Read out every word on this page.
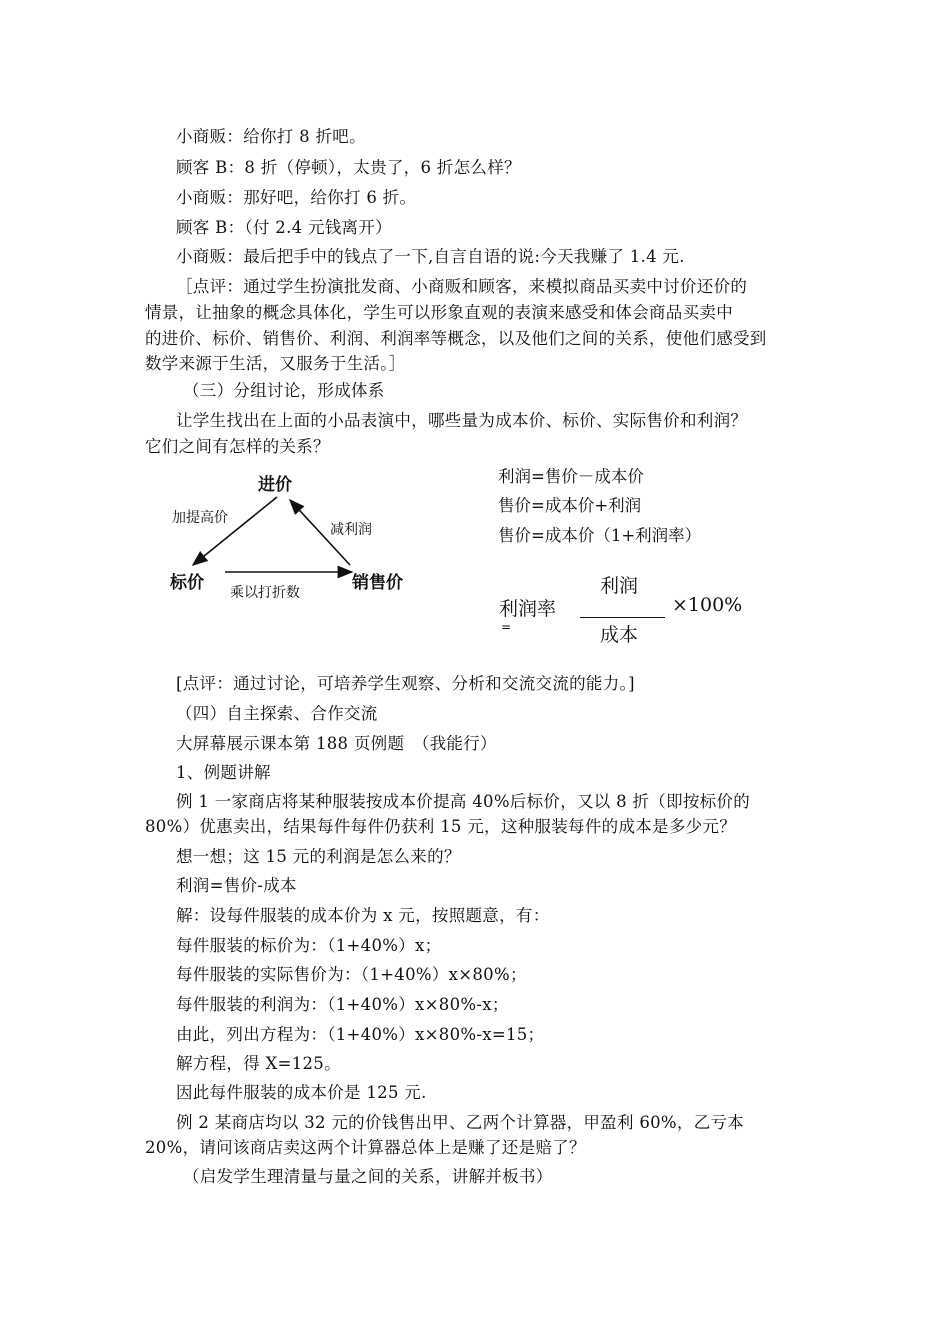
小商贩：给你打 8 折吧。
顾客 B：8 折（停顿），太贵了，6 折怎么样？
小商贩：那好吧，给你打 6 折。
顾客 B：（付 2.4 元钱离开）
小商贩：最后把手中的钱点了一下,自言自语的说:今天我赚了 1.4 元.
［点评：通过学生扮演批发商、小商贩和顾客，来模拟商品买卖中讨价还价的
情景，让抽象的概念具体化，学生可以形象直观的表演来感受和体会商品买卖中
的进价、标价、销售价、利润、利润率等概念，以及他们之间的关系，使他们感受到
数学来源于生活，又服务于生活。］
（三）分组讨论，形成体系
让学生找出在上面的小品表演中，哪些量为成本价、标价、实际售价和利润？
它们之间有怎样的关系？
进价
标价	销售价
加提高价
减利润
乘以打折数
利润=售价－成本价
售价=成本价+利润
售价=成本价（1+利润率）
利润
利润率	×100%
=	成本
[点评：通过讨论，可培养学生观察、分析和交流交流的能力。]
（四）自主探索、合作交流
大屏幕展示课本第 188 页例题　（我能行）
1、例题讲解
例 1 一家商店将某种服装按成本价提高 40%后标价，又以 8 折（即按标价的
80%）优惠卖出，结果每件每件仍获利 15 元，这种服装每件的成本是多少元？
想一想；这 15 元的利润是怎么来的？
利润=售价-成本
解：设每件服装的成本价为 x 元，按照题意，有：
每件服装的标价为：（1+40%）x；
每件服装的实际售价为：（1+40%）x×80%；
每件服装的利润为：（1+40%）x×80%-x；
由此，列出方程为：（1+40%）x×80%-x=15；
解方程，得 X=125。
因此每件服装的成本价是 125 元.
例 2 某商店均以 32 元的价钱售出甲、乙两个计算器，甲盈利 60%，乙亏本
20%，请问该商店卖这两个计算器总体上是赚了还是赔了？
（启发学生理清量与量之间的关系，讲解并板书）
